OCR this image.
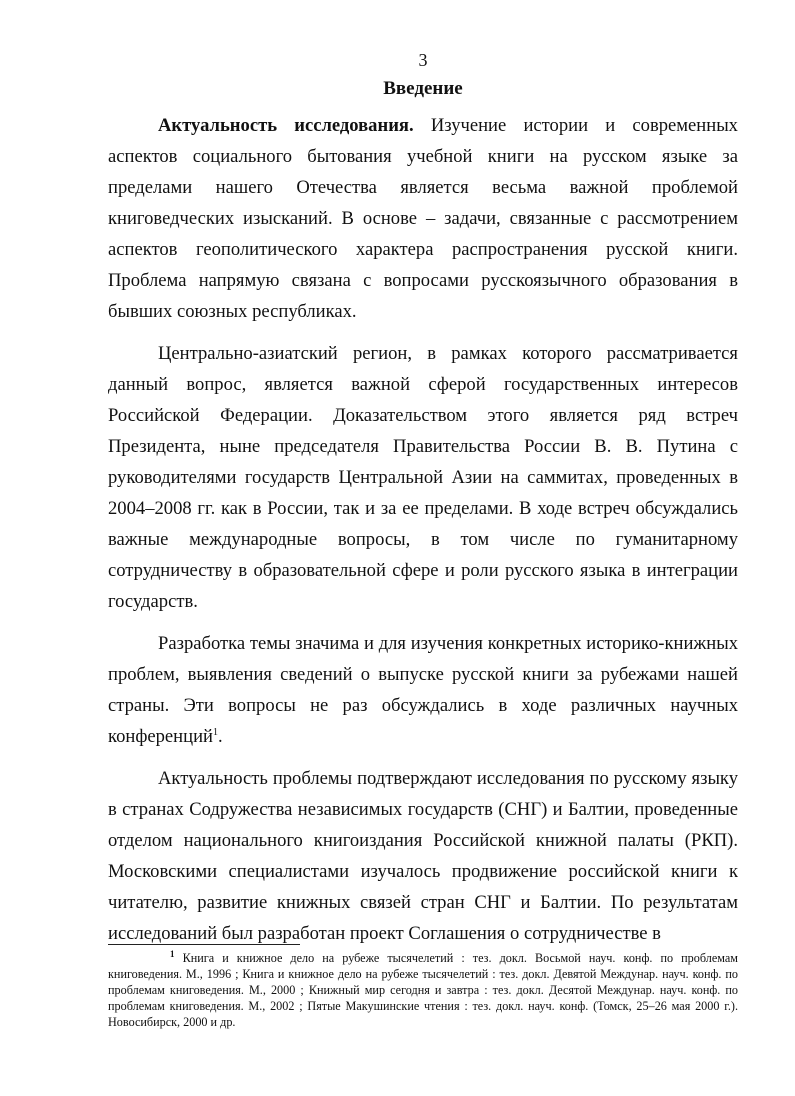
3
Введение

Актуальность исследования. Изучение истории и современных аспектов социального бытования учебной книги на русском языке за пределами нашего Отечества является весьма важной проблемой книговедческих изысканий. В основе – задачи, связанные с рассмотрением аспектов геополитического характера распространения русской книги. Проблема напрямую связана с вопросами русскоязычного образования в бывших союзных республиках.

Центрально-азиатский регион, в рамках которого рассматривается данный вопрос, является важной сферой государственных интересов Российской Федерации. Доказательством этого является ряд встреч Президента, ныне председателя Правительства России В. В. Путина с руководителями государств Центральной Азии на саммитах, проведенных в 2004–2008 гг. как в России, так и за ее пределами. В ходе встреч обсуждались важные международные вопросы, в том числе по гуманитарному сотрудничеству в образовательной сфере и роли русского языка в интеграции государств.

Разработка темы значима и для изучения конкретных историко-книжных проблем, выявления сведений о выпуске русской книги за рубежами нашей страны. Эти вопросы не раз обсуждались в ходе различных научных конференций$^1$.

Актуальность проблемы подтверждают исследования по русскому языку в странах Содружества независимых государств (СНГ) и Балтии, проведенные отделом национального книгоиздания Российской книжной палаты (РКП). Московскими специалистами изучалось продвижение российской книги к читателю, развитие книжных связей стран СНГ и Балтии. По результатам исследований был разработан проект Соглашения о сотрудничестве в

$^1$ Книга и книжное дело на рубеже тысячелетий : тез. докл. Восьмой науч. конф. по проблемам книговедения. М., 1996 ; Книга и книжное дело на рубеже тысячелетий : тез. докл. Девятой Междунар. науч. конф. по проблемам книговедения. М., 2000 ; Книжный мир сегодня и завтра : тез. докл. Десятой Междунар. науч. конф. по проблемам книговедения. М., 2002 ; Пятые Макушинские чтения : тез. докл. науч. конф. (Томск, 25–26 мая 2000 г.). Новосибирск, 2000 и др.
